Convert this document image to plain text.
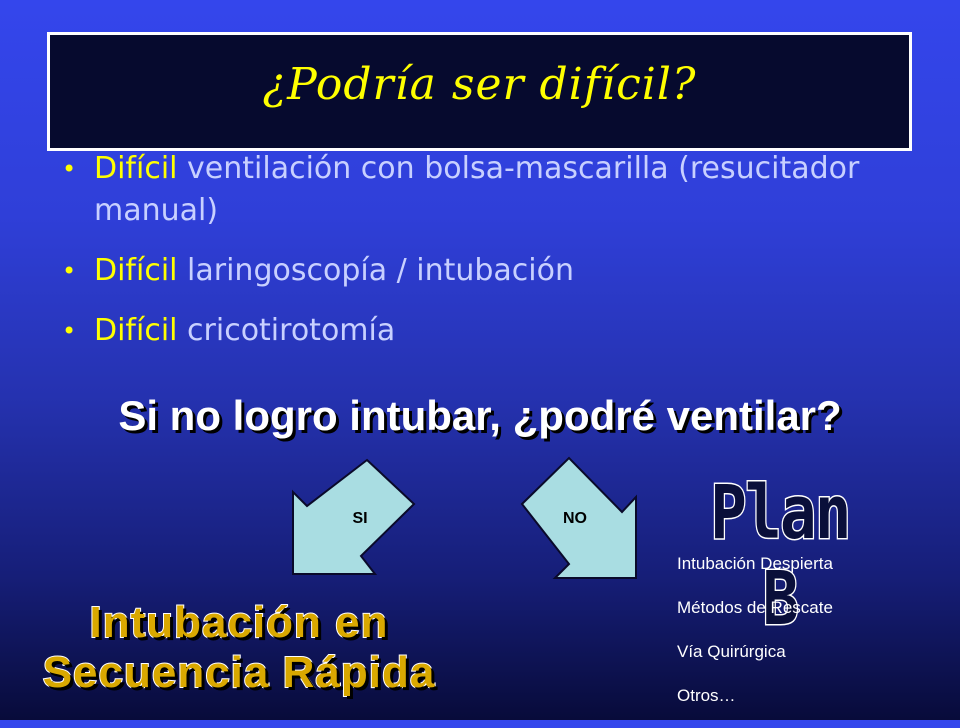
¿Podría ser difícil?
• Difícil ventilación con bolsa-mascarilla (resucitador manual)
• Difícil laringoscopía / intubación
• Difícil cricotirotomía
Si no logro intubar, ¿podré ventilar?
SI	NO Plan B
Intubación Despierta
Métodos de Rescate
Vía Quirúrgica
Otros…
Intubación en
Secuencia Rápida
